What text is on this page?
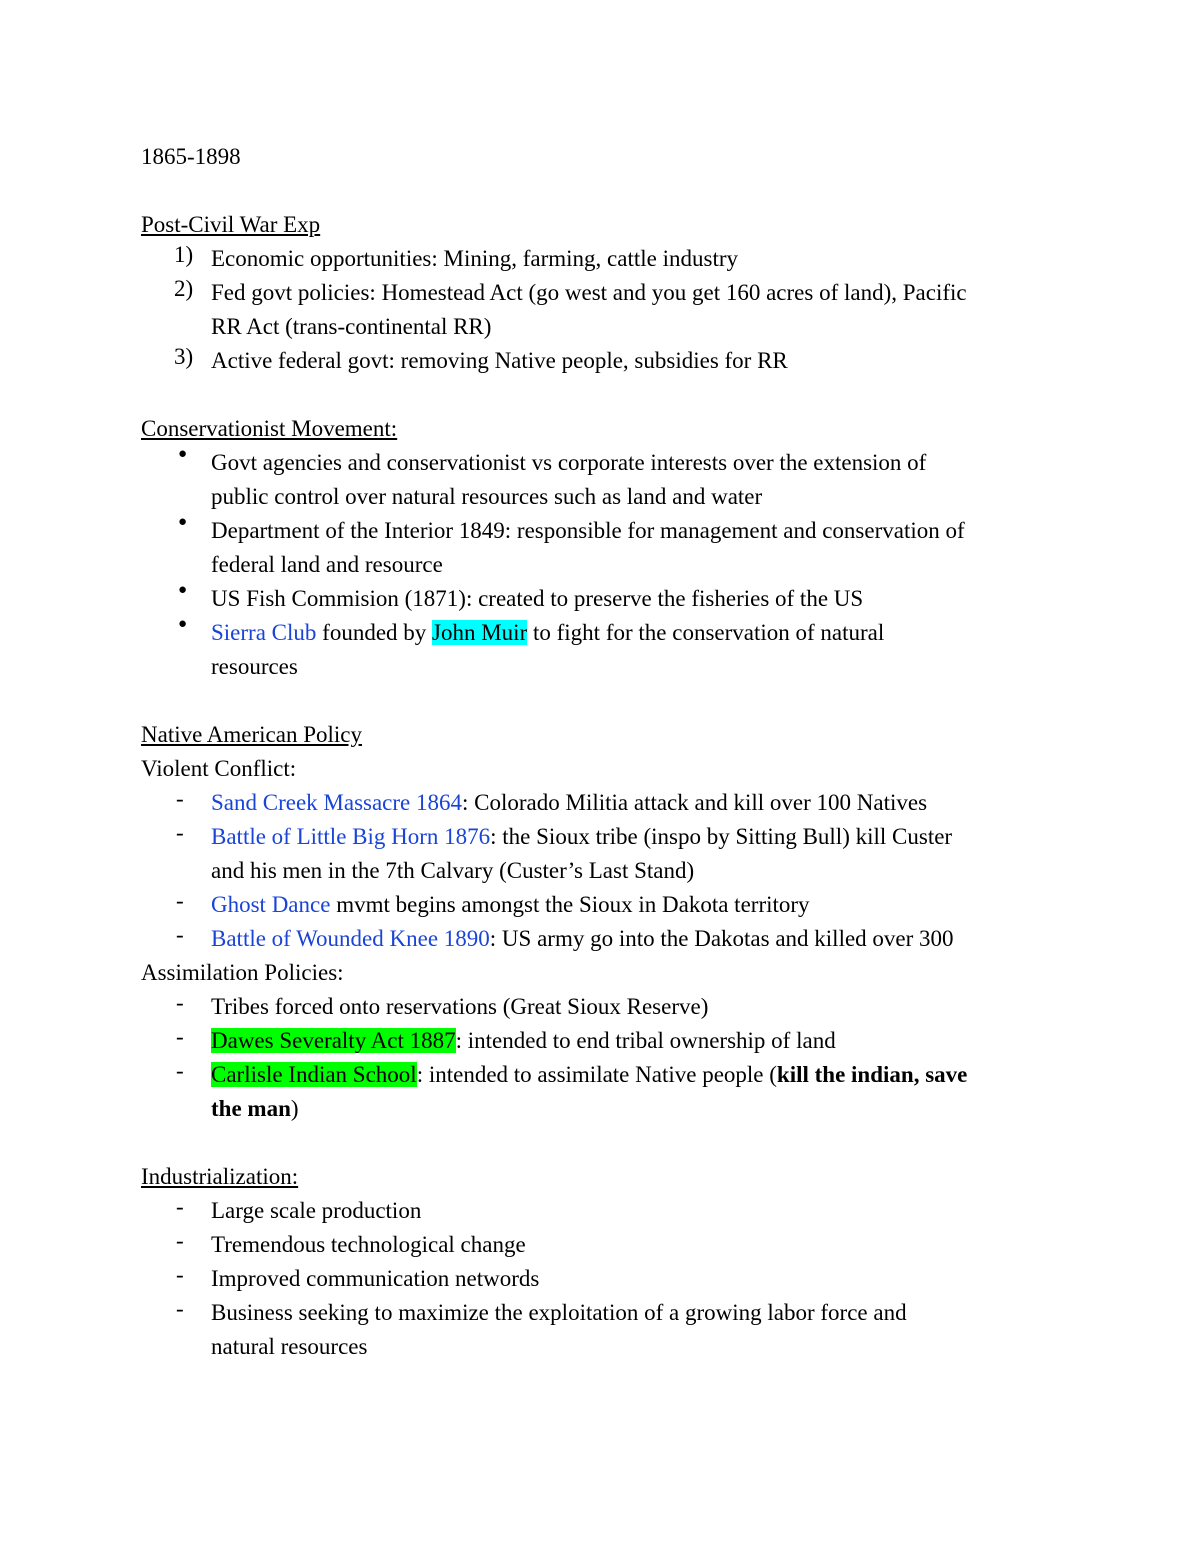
1865-1898
Post-Civil War Exp
1) Economic opportunities: Mining, farming, cattle industry
2) Fed govt policies: Homestead Act (go west and you get 160 acres of land), Pacific
RR Act (trans-continental RR)
3) Active federal govt: removing Native people, subsidies for RR
Conservationist Movement:
● Govt agencies and conservationist vs corporate interests over the extension of
public control over natural resources such as land and water
● Department of the Interior 1849: responsible for management and conservation of
federal land and resource
● US Fish Commision (1871): created to preserve the fisheries of the US
● Sierra Club founded by John Muir to fight for the conservation of natural
resources
Native American Policy
Violent Conflict:
- Sand Creek Massacre 1864: Colorado Militia attack and kill over 100 Natives
- Battle of Little Big Horn 1876: the Sioux tribe (inspo by Sitting Bull) kill Custer
and his men in the 7th Calvary (Custer’s Last Stand)
- Ghost Dance mvmt begins amongst the Sioux in Dakota territory
- Battle of Wounded Knee 1890: US army go into the Dakotas and killed over 300
Assimilation Policies:
- Tribes forced onto reservations (Great Sioux Reserve)
- Dawes Severalty Act 1887: intended to end tribal ownership of land
- Carlisle Indian School: intended to assimilate Native people (kill the indian, save
the man)
Industrialization:
- Large scale production
- Tremendous technological change
- Improved communication networds
- Business seeking to maximize the exploitation of a growing labor force and
natural resources
